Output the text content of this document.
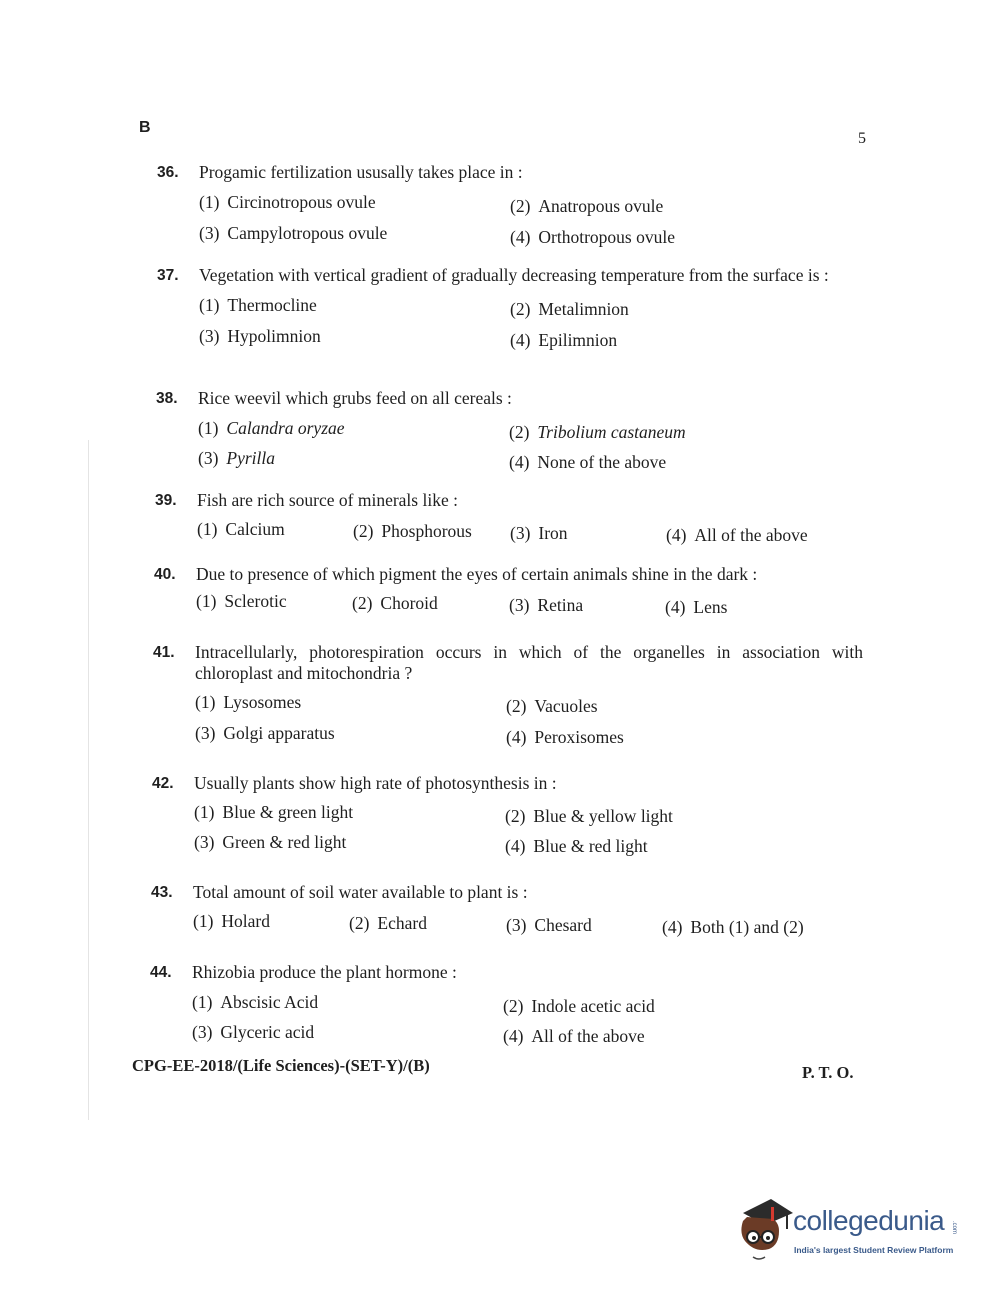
B
5
36. Progamic fertilization ususally takes place in :
(1) Circinotropous ovule	(2) Anatropous ovule
(3) Campylotropous ovule	(4) Orthotropous ovule
37. Vegetation with vertical gradient of gradually decreasing temperature from the surface is :
(1) Thermocline	(2) Metalimnion
(3) Hypolimnion	(4) Epilimnion
38. Rice weevil which grubs feed on all cereals :
(1) Calandra oryzae	(2) Tribolium castaneum
(3) Pyrilla	(4) None of the above
39. Fish are rich source of minerals like :
(1) Calcium	(2) Phosphorous (3) Iron	(4) All of the above
40. Due to presence of which pigment the eyes of certain animals shine in the dark :
(1) Sclerotic	(2) Choroid	(3) Retina	(4) Lens
41. Intracellularly, photorespiration occurs in which of the organelles in association with chloroplast and mitochondria ?
(1) Lysosomes	(2) Vacuoles
(3) Golgi apparatus	(4) Peroxisomes
42. Usually plants show high rate of photosynthesis in :
(1) Blue & green light	(2) Blue & yellow light
(3) Green & red light	(4) Blue & red light
43. Total amount of soil water available to plant is :
(1) Holard	(2) Echard	(3) Chesard	(4) Both (1) and (2)
44. Rhizobia produce the plant hormone :
(1) Abscisic Acid	(2) Indole acetic acid
(3) Glyceric acid	(4) All of the above
CPG-EE-2018/(Life Sciences)-(SET-Y)/(B)	P. T. O.
collegedunia .com
India's largest Student Review Platform
